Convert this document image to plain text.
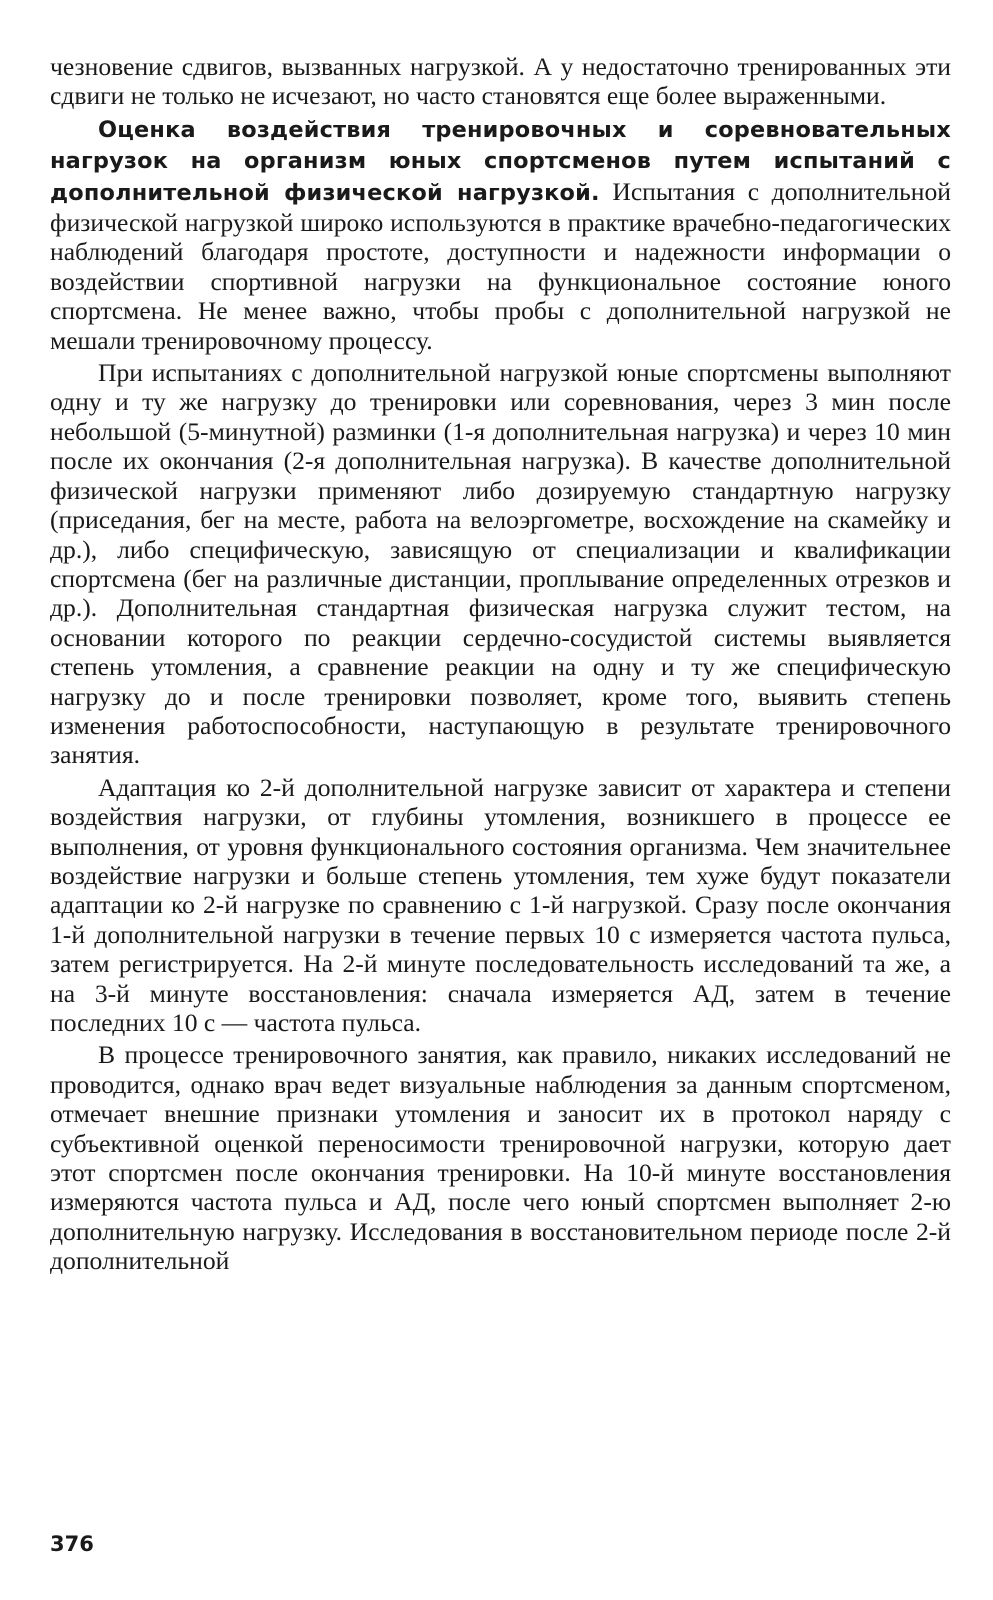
чезновение сдвигов, вызванных нагрузкой. А у недостаточно тренированных эти сдвиги не только не исчезают, но часто становятся еще более выраженными.

Оценка воздействия тренировочных и соревновательных нагрузок на организм юных спортсменов путем испытаний с дополнительной физической нагрузкой. Испытания с дополнительной физической нагрузкой широко используются в практике врачебно-педагогических наблюдений благодаря простоте, доступности и надежности информации о воздействии спортивной нагрузки на функциональное состояние юного спортсмена. Не менее важно, чтобы пробы с дополнительной нагрузкой не мешали тренировочному процессу.

При испытаниях с дополнительной нагрузкой юные спортсмены выполняют одну и ту же нагрузку до тренировки или соревнования, через 3 мин после небольшой (5-минутной) разминки (1-я дополнительная нагрузка) и через 10 мин после их окончания (2-я дополнительная нагрузка). В качестве дополнительной физической нагрузки применяют либо дозируемую стандартную нагрузку (приседания, бег на месте, работа на велоэргометре, восхождение на скамейку и др.), либо специфическую, зависящую от специализации и квалификации спортсмена (бег на различные дистанции, проплывание определенных отрезков и др.). Дополнительная стандартная физическая нагрузка служит тестом, на основании которого по реакции сердечно-сосудистой системы выявляется степень утомления, а сравнение реакции на одну и ту же специфическую нагрузку до и после тренировки позволяет, кроме того, выявить степень изменения работоспособности, наступающую в результате тренировочного занятия.

Адаптация ко 2-й дополнительной нагрузке зависит от характера и степени воздействия нагрузки, от глубины утомления, возникшего в процессе ее выполнения, от уровня функционального состояния организма. Чем значительнее воздействие нагрузки и больше степень утомления, тем хуже будут показатели адаптации ко 2-й нагрузке по сравнению с 1-й нагрузкой. Сразу после окончания 1-й дополнительной нагрузки в течение первых 10 с измеряется частота пульса, затем регистрируется. На 2-й минуте последовательность исследований та же, а на 3-й минуте восстановления: сначала измеряется АД, затем в течение последних 10 с — частота пульса.

В процессе тренировочного занятия, как правило, никаких исследований не проводится, однако врач ведет визуальные наблюдения за данным спортсменом, отмечает внешние признаки утомления и заносит их в протокол наряду с субъективной оценкой переносимости тренировочной нагрузки, которую дает этот спортсмен после окончания тренировки. На 10-й минуте восстановления измеряются частота пульса и АД, после чего юный спортсмен выполняет 2-ю дополнительную нагрузку. Исследования в восстановительном периоде после 2-й дополнительной

376
